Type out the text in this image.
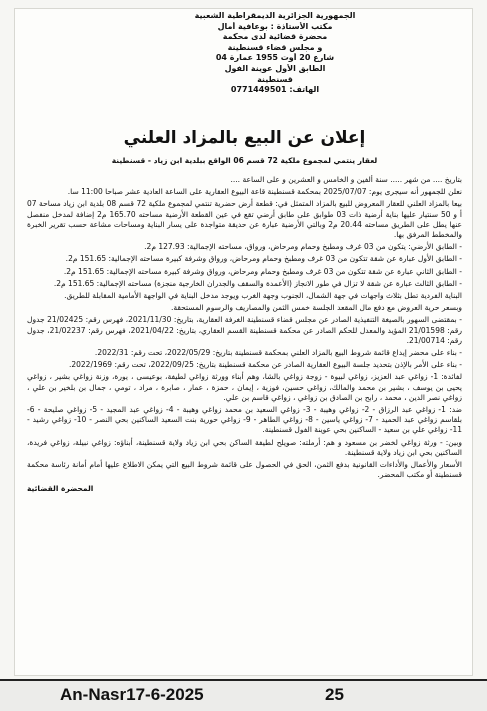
الجمهورية الجزائرية الديمقراطية الشعبية
مكتب الأستاذة : بوعافية أمال
محضرة قضائية لدى محكمة
و مجلس قضاء قسنطينة
شارع 20 أوت 1955 عمارة 04
الطابق الأول عوينة الفول
قسنطينة
الهاتف: 0771449501
إعلان عن البيع بالمزاد العلني
لعقار ينتمي لمجموع ملكية 72 قسم 06 الواقع ببلدية ابن زياد - قسنطينة

بتاريخ .... من شهر ..... سنة ألفين و الخامس و العشرين و على الساعة ....

نعلن للجمهور أنه سيجرى يوم: 2025/07/07 بمحكمة قسنطينة قاعة البيوع العقارية على الساعة العادية عشر صباحا 11:00 سا.

بيعا بالمزاد العلني للعقار المعروض للبيع بالمزاد المتمثل في: قطعة أرض حضرية تنتمي لمجموع ملكية 72 قسم 08 بلدية ابن زياد مساحة 07 أ و 50 سنتيار عليها بناية أرضية ذات 03 طوابق على طابق أرضي تقع في عين القطعة الأرضية مساحته 165.70 م2 إضافة لمدخل منفصل عنها يطل على الطريق مساحته 20.44 م2 وبالتي الأرضية عبارة عن حديقة متواجدة على يسار البناية ومساحات مشاعة حسب تقرير الخبرة والمخطط المرفق بها.

- الطابق الأرضي: يتكون من 03 غرف ومطبخ وحمام ومرحاض، ورواق، مساحته الإجمالية: 127.93 م2.

- الطابق الأول عبارة عن شقة تتكون من 03 غرف ومطبخ وحمام ومرحاض، ورواق وشرفة كبيرة مساحته الإجمالية: 151.65 م2.

- الطابق الثاني عبارة عن شقة تتكون من 03 غرف ومطبخ وحمام ومرحاض، ورواق وشرفة كبيرة مساحته الإجمالية: 151.65 م2.

- الطابق الثالث عبارة عن شقة لا تزال في طور الانجاز (الأعمدة والسقف والجدران الخارجية منجزة) مساحته الإجمالية: 151.65 م2.

البناية الفردية تطل بثلاث واجهات في جهة الشمال، الجنوب وجهة الغرب ويوجد مدخل البناية في الواجهة الأمامية المقابلة للطريق.

وبسعر حرية العروض مع دفع مال المقعد الجلسة خمس الثمن والمصاريف والرسوم المستحقة.

- بمقتضى السهور بالصيغة التنفيذية الصادر عن مجلس قضاء قسنطينة الغرفة العقارية، بتاريخ: 2021/11/30، فهرس رقم: 21/02425 جدول رقم: 21/01598 المؤيد والمعدل للحكم الصادر عن محكمة قسنطينة القسم العقاري، بتاريخ: 2021/04/22، فهرس رقم: 21/02237، جدول رقم: 21/00714.

- بناء على محضر إيداع قائمة شروط البيع بالمزاد العلني بمحكمة قسنطينة بتاريخ: 2022/05/29، تحت رقم: 2022/31.

- بناء على الأمر بالإذن بتحديد جلسة البيوع العقارية الصادر عن محكمة قسنطينة بتاريخ: 2022/09/25، تحت رقم: 2022/1969.

لفائدة: 1- زواغي عبد العزيز، زواغي لبيوة - زوجة زواغي بالشا، وهم أبناء وورثة زواغي لطيفة، بوعيسى ، يورة، وزنة زواغي بشير ، زواغي يحيى بن يوسف ، بشير بن محمد والمالك، زواغي حسين، فوزية ، إيمان ، حمزة ، عمار ، صابرة ، مراد ، تومي ، جمال بن بلخير بن علي ، زواغي نصر الدين ، محمد ، رابح بن الصادق بن زواغي ، زواغي قاسم بن علي.

ضد: 1- زواغي عبد الرزاق - 2- زواغي وهيبة - 3- زواغي السعيد بن محمد زواغي وهيبة - 4- زواغي عبد المجيد - 5- زواغي صليحة - 6- بلقاسم زواغي عبد الحميد - 7- زواغي ياسين - 8- زواغي الطاهر - 9- زواغي حورية بنت السعيد الساكنين بحي النصر - 10- زواغي رشيد - 11- زواغي علي بن سعيد - الساكنين بحي عوينة الفول قسنطينة.

وبين: - ورثة زواغي لخضر بن مسعود و هم: أرملته: صويلح لطيفة الساكن بحي ابن زياد ولاية قسنطينة، أبناؤه: زواغي نبيلة، زواغي فريدة، الساكنين بحي ابن زياد ولاية قسنطينة.

الأسعار والأعمال والأداءات القانونية بدفع الثمن، الحق في الحصول على قائمة شروط البيع التي يمكن الاطلاع عليها أمام أمانة رئاسة محكمة قسنطينة أو مكتب المحضر.

المحضرة القضائية

An-Nasr17-6-2025	25
